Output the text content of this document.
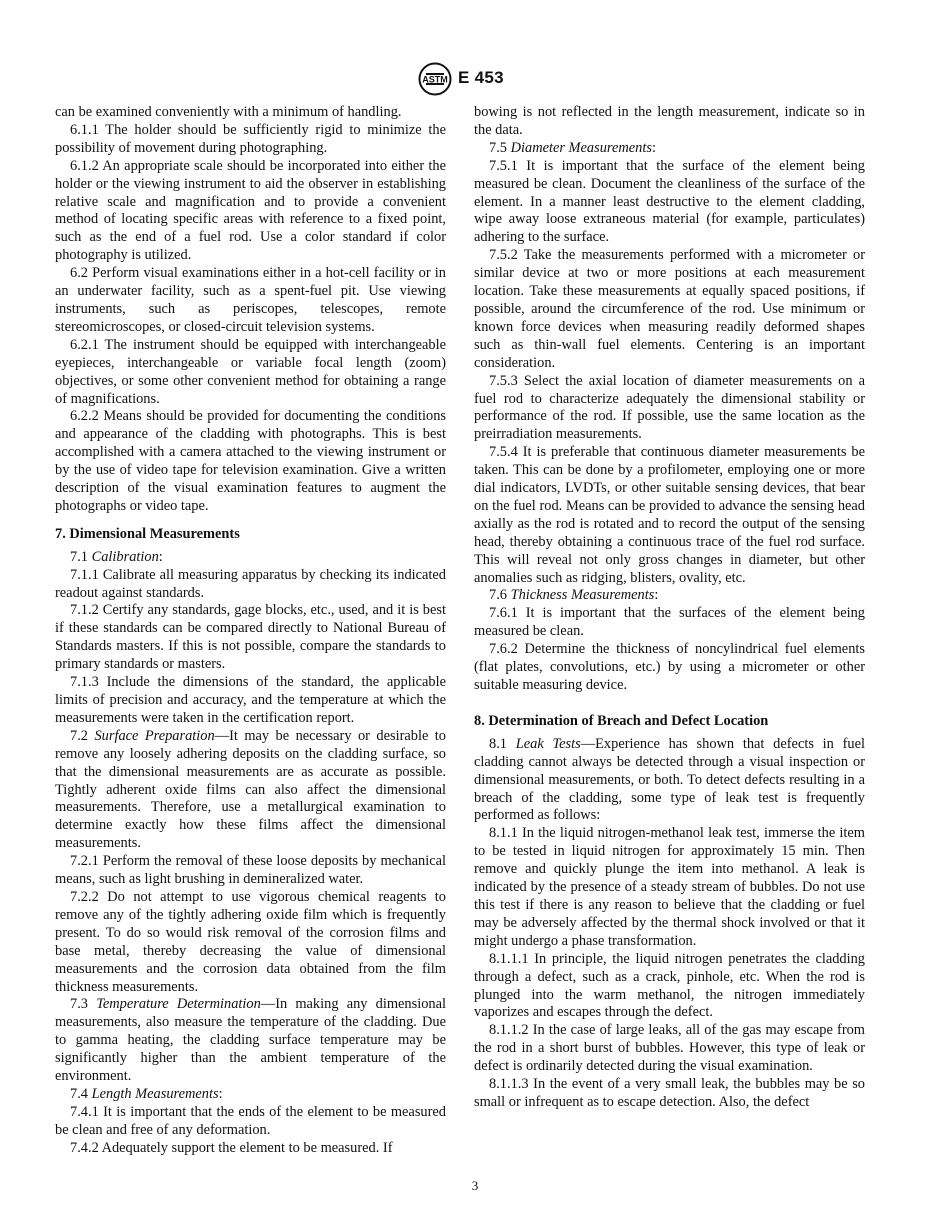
ASTM E 453

can be examined conveniently with a minimum of handling.

6.1.1 The holder should be sufficiently rigid to minimize the possibility of movement during photographing.

6.1.2 An appropriate scale should be incorporated into either the holder or the viewing instrument to aid the observer in establishing relative scale and magnification and to provide a convenient method of locating specific areas with reference to a fixed point, such as the end of a fuel rod. Use a color standard if color photography is utilized.

6.2 Perform visual examinations either in a hot-cell facility or in an underwater facility, such as a spent-fuel pit. Use viewing instruments, such as periscopes, telescopes, remote stereomicroscopes, or closed-circuit television systems.

6.2.1 The instrument should be equipped with interchangeable eyepieces, interchangeable or variable focal length (zoom) objectives, or some other convenient method for obtaining a range of magnifications.

6.2.2 Means should be provided for documenting the conditions and appearance of the cladding with photographs. This is best accomplished with a camera attached to the viewing instrument or by the use of video tape for television examination. Give a written description of the visual examination features to augment the photographs or video tape.

7. Dimensional Measurements

7.1 Calibration:

7.1.1 Calibrate all measuring apparatus by checking its indicated readout against standards.

7.1.2 Certify any standards, gage blocks, etc., used, and it is best if these standards can be compared directly to National Bureau of Standards masters. If this is not possible, compare the standards to primary standards or masters.

7.1.3 Include the dimensions of the standard, the applicable limits of precision and accuracy, and the temperature at which the measurements were taken in the certification report.

7.2 Surface Preparation—It may be necessary or desirable to remove any loosely adhering deposits on the cladding surface, so that the dimensional measurements are as accurate as possible. Tightly adherent oxide films can also affect the dimensional measurements. Therefore, use a metallurgical examination to determine exactly how these films affect the dimensional measurements.

7.2.1 Perform the removal of these loose deposits by mechanical means, such as light brushing in demineralized water.

7.2.2 Do not attempt to use vigorous chemical reagents to remove any of the tightly adhering oxide film which is frequently present. To do so would risk removal of the corrosion films and base metal, thereby decreasing the value of dimensional measurements and the corrosion data obtained from the film thickness measurements.

7.3 Temperature Determination—In making any dimensional measurements, also measure the temperature of the cladding. Due to gamma heating, the cladding surface temperature may be significantly higher than the ambient temperature of the environment.

7.4 Length Measurements:

7.4.1 It is important that the ends of the element to be measured be clean and free of any deformation.

7.4.2 Adequately support the element to be measured. If

bowing is not reflected in the length measurement, indicate so in the data.

7.5 Diameter Measurements:

7.5.1 It is important that the surface of the element being measured be clean. Document the cleanliness of the surface of the element. In a manner least destructive to the element cladding, wipe away loose extraneous material (for example, particulates) adhering to the surface.

7.5.2 Take the measurements performed with a micrometer or similar device at two or more positions at each measurement location. Take these measurements at equally spaced positions, if possible, around the circumference of the rod. Use minimum or known force devices when measuring readily deformed shapes such as thin-wall fuel elements. Centering is an important consideration.

7.5.3 Select the axial location of diameter measurements on a fuel rod to characterize adequately the dimensional stability or performance of the rod. If possible, use the same location as the preirradiation measurements.

7.5.4 It is preferable that continuous diameter measurements be taken. This can be done by a profilometer, employing one or more dial indicators, LVDTs, or other suitable sensing devices, that bear on the fuel rod. Means can be provided to advance the sensing head axially as the rod is rotated and to record the output of the sensing head, thereby obtaining a continuous trace of the fuel rod surface. This will reveal not only gross changes in diameter, but other anomalies such as ridging, blisters, ovality, etc.

7.6 Thickness Measurements:

7.6.1 It is important that the surfaces of the element being measured be clean.

7.6.2 Determine the thickness of noncylindrical fuel elements (flat plates, convolutions, etc.) by using a micrometer or other suitable measuring device.

8. Determination of Breach and Defect Location

8.1 Leak Tests—Experience has shown that defects in fuel cladding cannot always be detected through a visual inspection or dimensional measurements, or both. To detect defects resulting in a breach of the cladding, some type of leak test is frequently performed as follows:

8.1.1 In the liquid nitrogen-methanol leak test, immerse the item to be tested in liquid nitrogen for approximately 15 min. Then remove and quickly plunge the item into methanol. A leak is indicated by the presence of a steady stream of bubbles. Do not use this test if there is any reason to believe that the cladding or fuel may be adversely affected by the thermal shock involved or that it might undergo a phase transformation.

8.1.1.1 In principle, the liquid nitrogen penetrates the cladding through a defect, such as a crack, pinhole, etc. When the rod is plunged into the warm methanol, the nitrogen immediately vaporizes and escapes through the defect.

8.1.1.2 In the case of large leaks, all of the gas may escape from the rod in a short burst of bubbles. However, this type of leak or defect is ordinarily detected during the visual examination.

8.1.1.3 In the event of a very small leak, the bubbles may be so small or infrequent as to escape detection. Also, the defect

3
